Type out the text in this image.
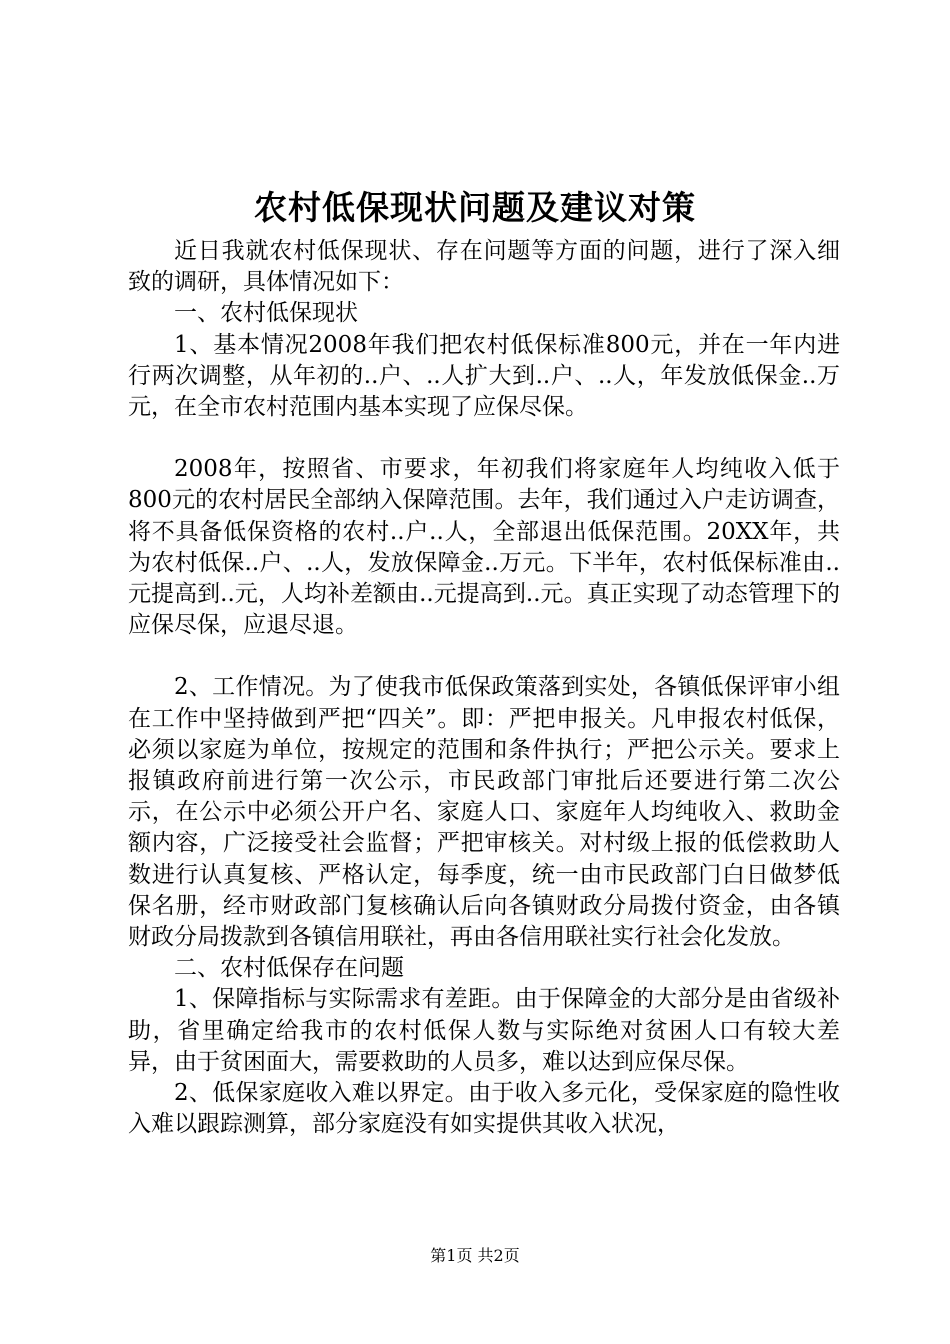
农村低保现状问题及建议对策

近日我就农村低保现状、存在问题等方面的问题，进行了深入细致的调研，具体情况如下：

一、农村低保现状

1、基本情况2008年我们把农村低保标准800元，并在一年内进行两次调整，从年初的..户、..人扩大到..户、..人，年发放低保金..万元，在全市农村范围内基本实现了应保尽保。

2008年，按照省、市要求，年初我们将家庭年人均纯收入低于800元的农村居民全部纳入保障范围。去年，我们通过入户走访调查，将不具备低保资格的农村..户..人，全部退出低保范围。20XX年，共为农村低保..户、..人，发放保障金..万元。下半年，农村低保标准由..元提高到..元，人均补差额由..元提高到..元。真正实现了动态管理下的应保尽保，应退尽退。

2、工作情况。为了使我市低保政策落到实处，各镇低保评审小组在工作中坚持做到严把“四关”。即：严把申报关。凡申报农村低保，必须以家庭为单位，按规定的范围和条件执行；严把公示关。要求上报镇政府前进行第一次公示，市民政部门审批后还要进行第二次公示，在公示中必须公开户名、家庭人口、家庭年人均纯收入、救助金额内容，广泛接受社会监督；严把审核关。对村级上报的低偿救助人数进行认真复核、严格认定，每季度，统一由市民政部门白日做梦低保名册，经市财政部门复核确认后向各镇财政分局拨付资金，由各镇财政分局拨款到各镇信用联社，再由各信用联社实行社会化发放。

二、农村低保存在问题

1、保障指标与实际需求有差距。由于保障金的大部分是由省级补助，省里确定给我市的农村低保人数与实际绝对贫困人口有较大差异，由于贫困面大，需要救助的人员多，难以达到应保尽保。

2、低保家庭收入难以界定。由于收入多元化，受保家庭的隐性收入难以跟踪测算，部分家庭没有如实提供其收入状况，

第1页 共2页
